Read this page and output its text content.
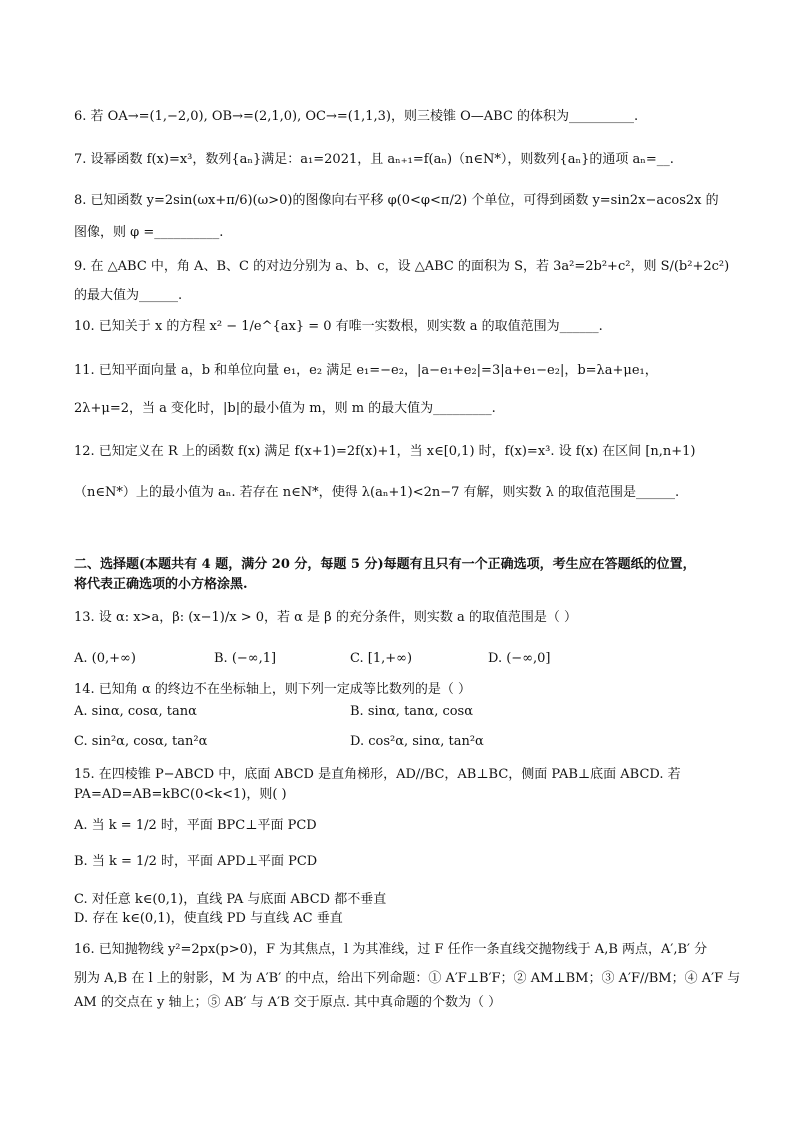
6. 若 OA→=(1,−2,0), OB→=(2,1,0), OC→=(1,1,3)，则三棱锥 O—ABC 的体积为__________.
7. 设幂函数 f(x)=x³，数列{aₙ}满足：a₁=2021，且 aₙ₊₁=f(aₙ)（n∈N*），则数列{aₙ}的通项 aₙ=__.
8. 已知函数 y=2sin(ωx+π/6)(ω>0)的图像向右平移 φ(0<φ<π/2) 个单位，可得到函数 y=sin2x−acos2x 的
图像，则 φ =__________.
9. 在 △ABC 中，角 A、B、C 的对边分别为 a、b、c，设 △ABC 的面积为 S，若 3a²=2b²+c²，则 S/(b²+2c²)
的最大值为______.
10. 已知关于 x 的方程 x² − 1/e^{ax} = 0 有唯一实数根，则实数 a 的取值范围为______.
11. 已知平面向量 a，b 和单位向量 e₁，e₂ 满足 e₁=−e₂，|a−e₁+e₂|=3|a+e₁−e₂|，b=λa+μe₁，
2λ+μ=2，当 a 变化时，|b|的最小值为 m，则 m 的最大值为_________.
12. 已知定义在 R 上的函数 f(x) 满足 f(x+1)=2f(x)+1，当 x∈[0,1) 时，f(x)=x³. 设 f(x) 在区间 [n,n+1)
（n∈N*）上的最小值为 aₙ. 若存在 n∈N*，使得 λ(aₙ+1)<2n−7 有解，则实数 λ 的取值范围是______.
二、选择题(本题共有 4 题，满分 20 分，每题 5 分)每题有且只有一个正确选项，考生应在答题纸的位置，
将代表正确选项的小方格涂黑.
13. 设 α: x>a，β: (x−1)/x > 0，若 α 是 β 的充分条件，则实数 a 的取值范围是（ ）
A. (0,+∞)	B. (−∞,1]	C. [1,+∞)	D. (−∞,0]
14. 已知角 α 的终边不在坐标轴上，则下列一定成等比数列的是（ ）
A. sinα, cosα, tanα	B. sinα, tanα, cosα
C. sin²α, cosα, tan²α	D. cos²α, sinα, tan²α
15. 在四棱锥 P−ABCD 中，底面 ABCD 是直角梯形，AD//BC，AB⊥BC，侧面 PAB⊥底面 ABCD. 若
PA=AD=AB=kBC(0<k<1)，则( )
A. 当 k = 1/2 时，平面 BPC⊥平面 PCD
B. 当 k = 1/2 时，平面 APD⊥平面 PCD
C. 对任意 k∈(0,1)，直线 PA 与底面 ABCD 都不垂直
D. 存在 k∈(0,1)，使直线 PD 与直线 AC 垂直
16. 已知抛物线 y²=2px(p>0)，F 为其焦点，l 为其准线，过 F 任作一条直线交抛物线于 A,B 两点，A′,B′ 分
别为 A,B 在 l 上的射影，M 为 A′B′ 的中点，给出下列命题：① A′F⊥B′F；② AM⊥BM；③ A′F//BM；④ A′F 与
AM 的交点在 y 轴上；⑤ AB′ 与 A′B 交于原点. 其中真命题的个数为（ ）
